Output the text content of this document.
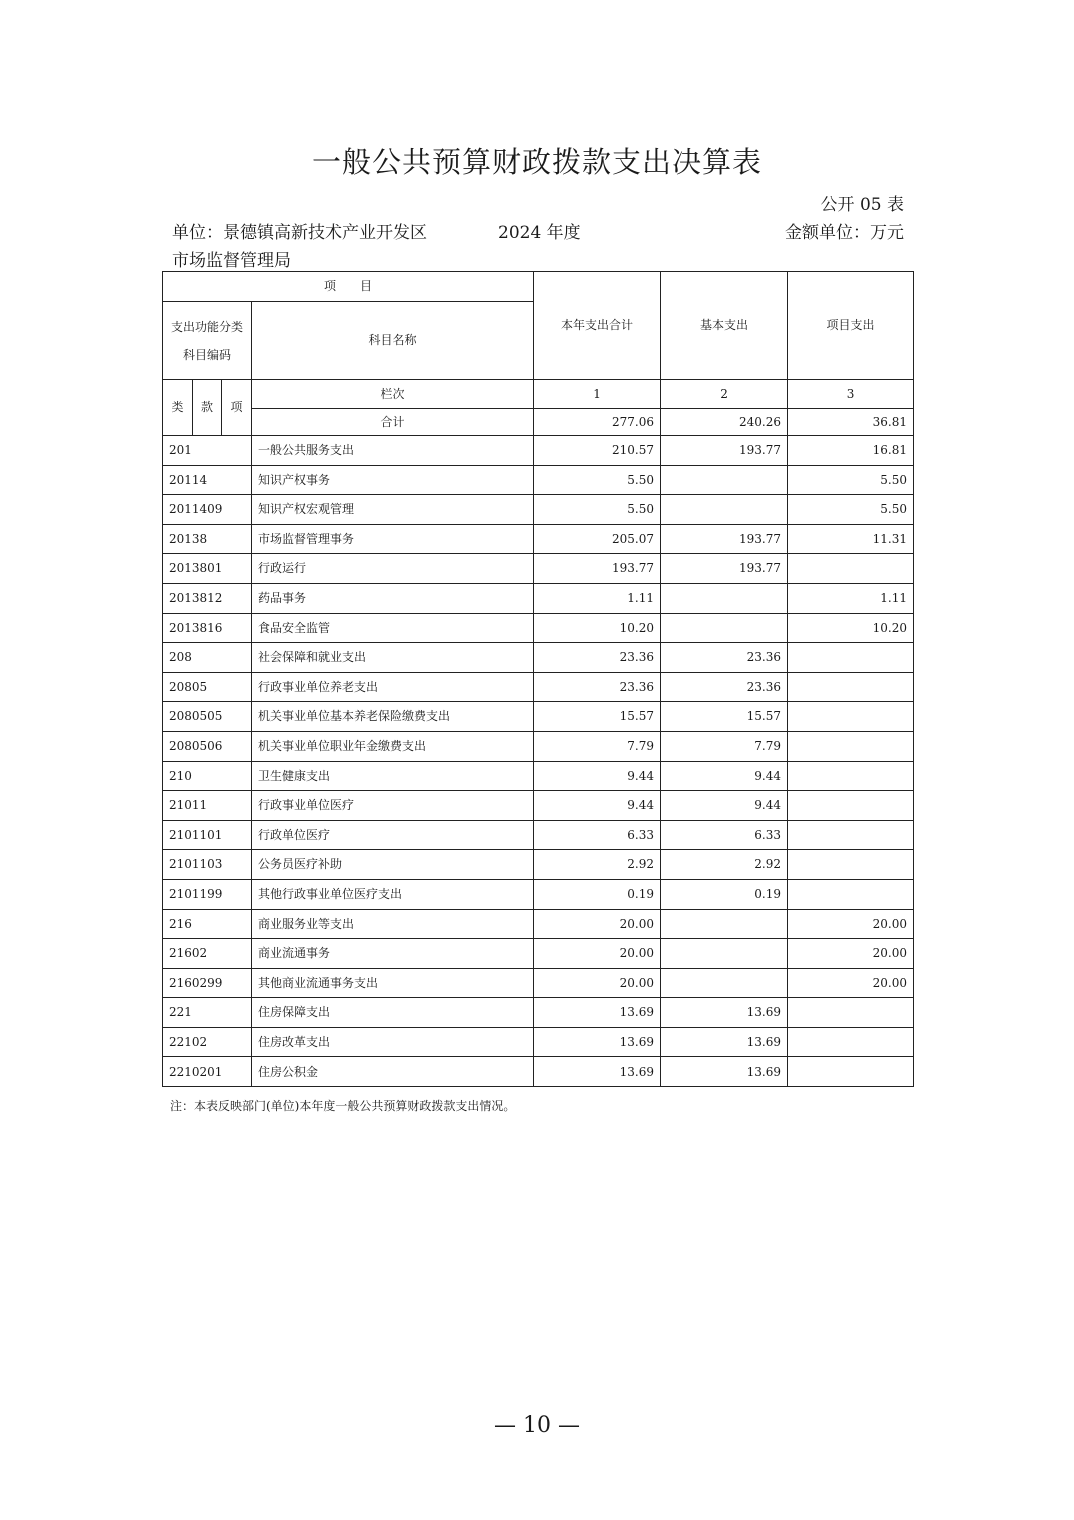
一般公共预算财政拨款支出决算表
公开 05 表
单位：景德镇高新技术产业开发区	2024 年度	金额单位：万元
市场监督管理局
项　　目				本年支出合计	基本支出	项目支出
支出功能分类科目编码			科目名称			
类	款	项	栏次	1	2	3
			合计	277.06	240.26	36.81
201			一般公共服务支出	210.57	193.77	16.81
20114			知识产权事务	5.50		5.50
2011409			知识产权宏观管理	5.50		5.50
20138			市场监督管理事务	205.07	193.77	11.31
2013801			行政运行	193.77	193.77	
2013812			药品事务	1.11		1.11
2013816			食品安全监管	10.20		10.20
208			社会保障和就业支出	23.36	23.36	
20805			行政事业单位养老支出	23.36	23.36	
2080505			机关事业单位基本养老保险缴费支出	15.57	15.57	
2080506			机关事业单位职业年金缴费支出	7.79	7.79	
210			卫生健康支出	9.44	9.44	
21011			行政事业单位医疗	9.44	9.44	
2101101			行政单位医疗	6.33	6.33	
2101103			公务员医疗补助	2.92	2.92	
2101199			其他行政事业单位医疗支出	0.19	0.19	
216			商业服务业等支出	20.00		20.00
21602			商业流通事务	20.00		20.00
2160299			其他商业流通事务支出	20.00		20.00
221			住房保障支出	13.69	13.69	
22102			住房改革支出	13.69	13.69	
2210201			住房公积金	13.69	13.69	
注：本表反映部门(单位)本年度一般公共预算财政拨款支出情况。
— 10 —
